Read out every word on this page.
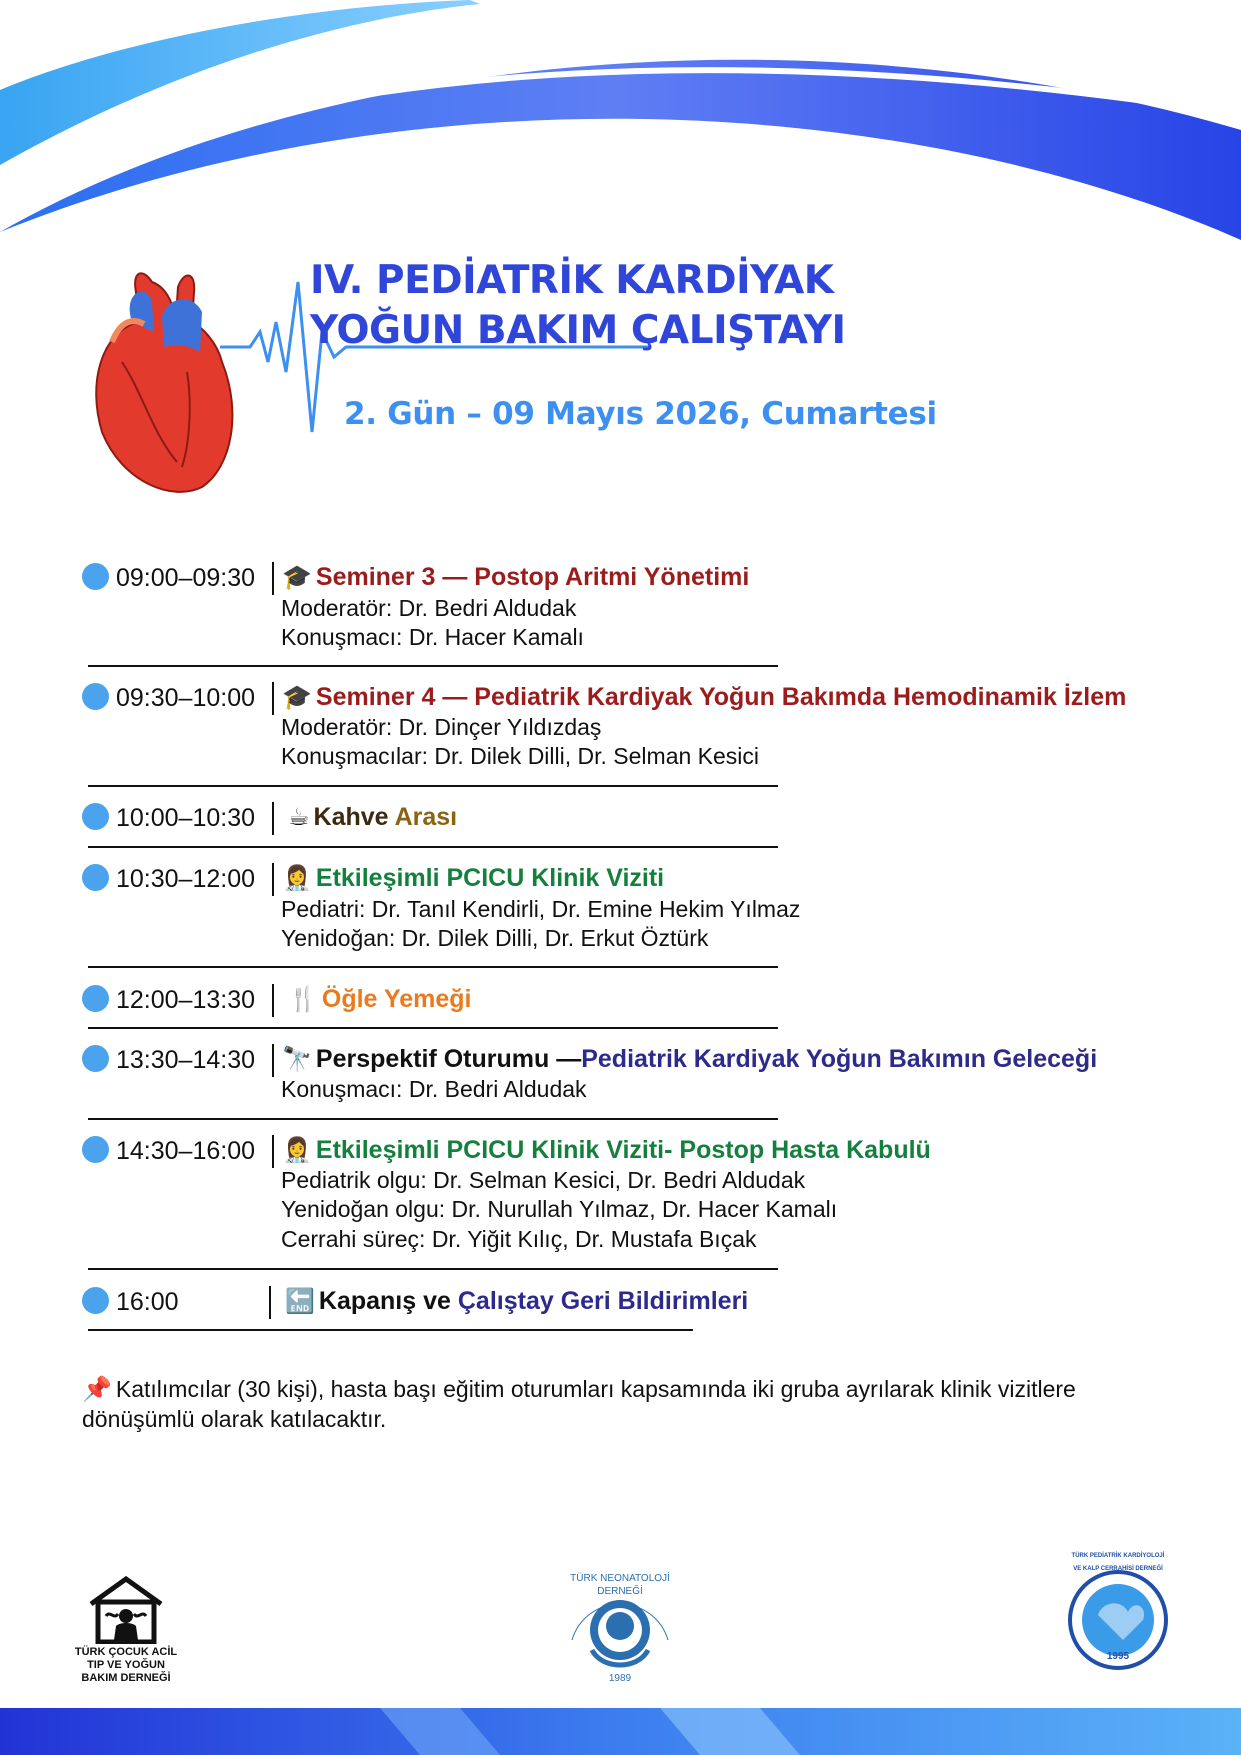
IV. PEDİATRİK KARDİYAK
YOĞUN BAKIM ÇALIŞTAYI
2. Gün – 09 Mayıs 2026, Cumartesi
09:00–09:30 🎓 Seminer 3 — Postop Aritmi Yönetimi
Moderatör: Dr. Bedri Aldudak
Konuşmacı: Dr. Hacer Kamalı
09:30–10:00 🎓 Seminer 4 — Pediatrik Kardiyak Yoğun Bakımda Hemodinamik İzlem
Moderatör: Dr. Dinçer Yıldızdaş
Konuşmacılar: Dr. Dilek Dilli, Dr. Selman Kesici
10:00–10:30 ☕ Kahve Arası
10:30–12:00 👩‍⚕️ Etkileşimli PCICU Klinik Viziti
Pediatri: Dr. Tanıl Kendirli, Dr. Emine Hekim Yılmaz
Yenidoğan: Dr. Dilek Dilli, Dr. Erkut Öztürk
12:00–13:30 🍴 Öğle Yemeği
13:30–14:30 🔭 Perspektif Oturumu —Pediatrik Kardiyak Yoğun Bakımın Geleceği
Konuşmacı: Dr. Bedri Aldudak
14:30–16:00 👩‍⚕️ Etkileşimli PCICU Klinik Viziti- Postop Hasta Kabulü
Pediatrik olgu: Dr. Selman Kesici, Dr. Bedri Aldudak
Yenidoğan olgu: Dr. Nurullah Yılmaz, Dr. Hacer Kamalı
Cerrahi süreç: Dr. Yiğit Kılıç, Dr. Mustafa Bıçak
16:00	🔚 Kapanış ve Çalıştay Geri Bildirimleri
📌 Katılımcılar (30 kişi), hasta başı eğitim oturumları kapsamında iki gruba ayrılarak klinik vizitlere dönüşümlü olarak katılacaktır.
TÜRK ÇOCUK ACİL TIP VE YOĞUN BAKIM DERNEĞİ
TÜRK NEONATOLOJİ DERNEĞİ
1989
TÜRK PEDİATRİK KARDİYOLOJİ VE KALP CERRAHİSİ DERNEĞİ
1995
